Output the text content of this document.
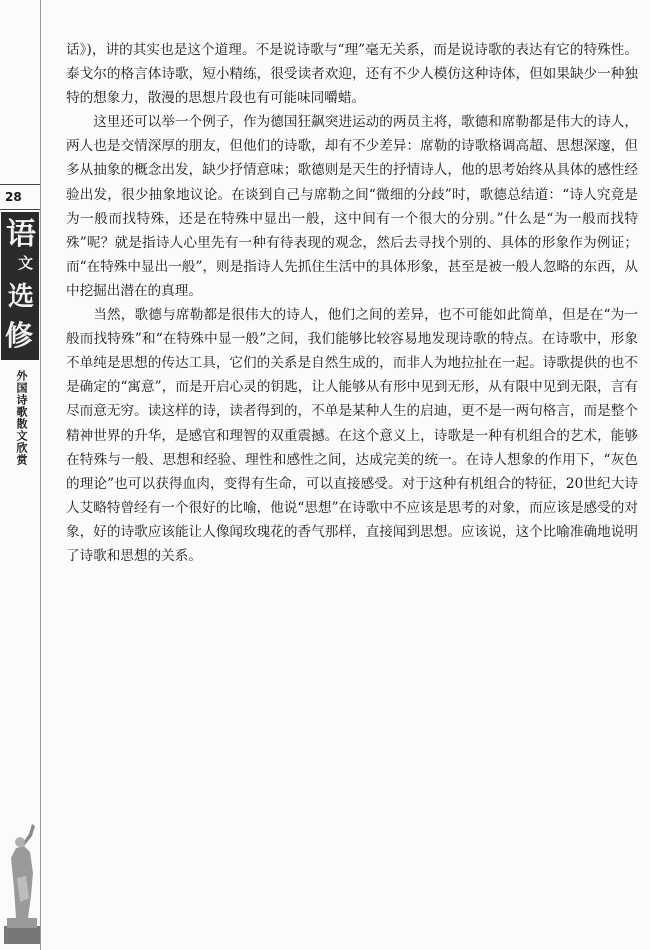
28
语
文
选
修
外国诗歌散文欣赏

话》)，讲的其实也是这个道理。不是说诗歌与“理”毫无关系，而是说诗歌的表达有它的特殊性。泰戈尔的格言体诗歌，短小精练，很受读者欢迎，还有不少人模仿这种诗体，但如果缺少一种独特的想象力，散漫的思想片段也有可能味同嚼蜡。

这里还可以举一个例子，作为德国狂飙突进运动的两员主将，歌德和席勒都是伟大的诗人，两人也是交情深厚的朋友，但他们的诗歌，却有不少差异：席勒的诗歌格调高超、思想深邃，但多从抽象的概念出发，缺少抒情意味；歌德则是天生的抒情诗人，他的思考始终从具体的感性经验出发，很少抽象地议论。在谈到自己与席勒之间“微细的分歧”时，歌德总结道：“诗人究竟是为一般而找特殊，还是在特殊中显出一般，这中间有一个很大的分别。”什么是“为一般而找特殊”呢？就是指诗人心里先有一种有待表现的观念，然后去寻找个别的、具体的形象作为例证；而“在特殊中显出一般”，则是指诗人先抓住生活中的具体形象，甚至是被一般人忽略的东西，从中挖掘出潜在的真理。

当然，歌德与席勒都是很伟大的诗人，他们之间的差异，也不可能如此简单，但是在“为一般而找特殊”和“在特殊中显一般”之间，我们能够比较容易地发现诗歌的特点。在诗歌中，形象不单纯是思想的传达工具，它们的关系是自然生成的，而非人为地拉扯在一起。诗歌提供的也不是确定的“寓意”，而是开启心灵的钥匙，让人能够从有形中见到无形，从有限中见到无限，言有尽而意无穷。读这样的诗，读者得到的，不单是某种人生的启迪，更不是一两句格言，而是整个精神世界的升华，是感官和理智的双重震撼。在这个意义上，诗歌是一种有机组合的艺术，能够在特殊与一般、思想和经验、理性和感性之间，达成完美的统一。在诗人想象的作用下，“灰色的理论”也可以获得血肉，变得有生命，可以直接感受。对于这种有机组合的特征，20世纪大诗人艾略特曾经有一个很好的比喻，他说“思想”在诗歌中不应该是思考的对象，而应该是感受的对象，好的诗歌应该能让人像闻玫瑰花的香气那样，直接闻到思想。应该说，这个比喻准确地说明了诗歌和思想的关系。
